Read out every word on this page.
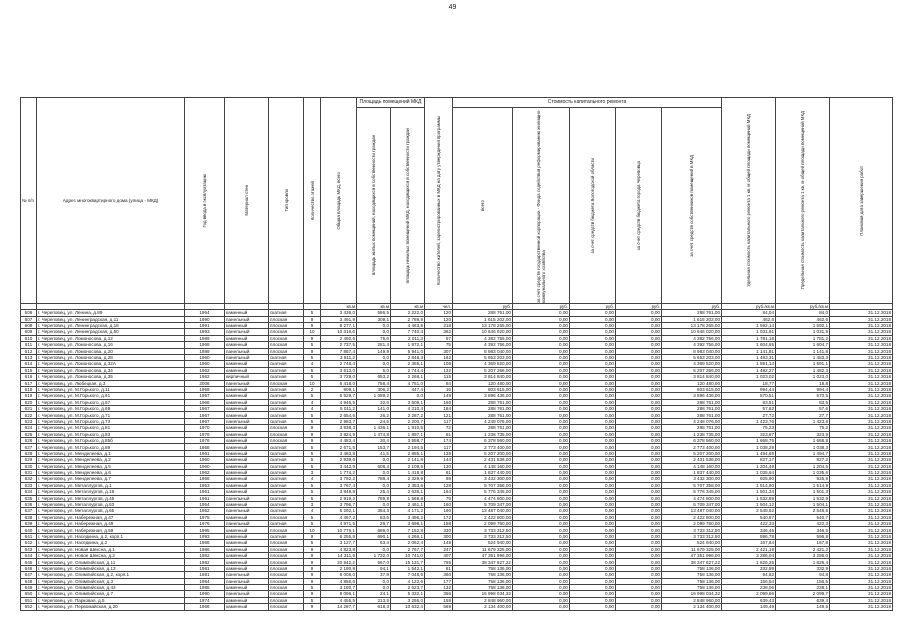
49
№ п/п	Адрес многоквартирного дома (улица - МКД)	Год ввода в эксплуатацию	Материал стен	Тип кровли	Количество этажей	Общая площадь МКД, всего	Площадь помещений МКД		Количество жителей, зарегистрированных в МКД на дату утверждения программы	Стоимость капитального ремонта					Удельная стоимость капитального ремонта 1 кв. м общей площади помещений МКД	Предельная стоимость капитального ремонта 1 кв. м общей площади помещений МКД	Плановая дата завершения работ

							площадь жилых помещений, находящихся в собственности граждан	площадь нежилых помещений МКД, находящихся в собственности граждан		всего	за счет средств государственной корпорации - Фонда содействия реформированию жилищно-коммунального хозяйства	за счет средств бюджета Вологодской области	за счет средств бюджета города Череповца	за счет средств собственников помещений в МКД			

						кв.м	кв.м	кв.м	чел.	руб.	руб.	руб.	руб.	руб.	руб./кв.м	руб./кв.м	
606	г. Череповец, ул. Ленина, д.89	1964	каменный	скатная	5	3 436,0	586,5	2 222,0	120	288 761,00	0,00	0,00	0,00	288 761,00	84,04	84,0	31.12.2018
607	г. Череповец, ул. Ленинградская, д.11	1990	панельный	плоская	9	3 491,9	309,1	2 789,9	120	1 615 202,00	0,00	0,00	0,00	1 615 202,00	462,6	462,6	31.12.2018
608	г. Череповец, ул. Ленинградская, д.18	1991	каменный	плоская	9	8 277,1	0,0	4 463,8	218	13 178 265,00	0,00	0,00	0,00	13 178 265,00	1 592,14	1 592,1	31.12.2018
609	г. Череповец, ул. Ленинградская, д.50	1993	панельный	плоская	10	10 316,6	0,0	7 740,4	362	10 646 020,00	0,00	0,00	0,00	10 646 020,00	1 031,91	1 031,9	31.12.2018
610	г. Череповец, ул. Ломоносова, д.12	1989	каменный	плоская	9	2 460,6	75,6	2 011,3	57	4 382 756,00	0,00	0,00	0,00	4 382 756,00	1 781,18	1 781,2	31.12.2018
611	г. Череповец, ул. Ломоносова, д.16	1968	каменный	плоская	5	2 737,5	281,4	1 872,1	75	4 392 756,00	0,00	0,00	0,00	4 392 756,00	1 604,65	1 604,7	31.12.2018
612	г. Череповец, ул. Ломоносова, д.20	1989	панельный	плоская	9	7 867,4	149,9	5 941,0	307	8 983 040,00	0,00	0,00	0,00	8 983 040,00	1 141,81	1 141,8	31.12.2018
613	г. Череповец, ул. Ломоносова, д.28	1960	панельный	скатная	5	3 811,2	0,0	2 848,3	162	5 653 203,00	0,00	0,00	0,00	5 653 203,00	1 483,31	1 483,3	31.12.2018
614	г. Череповец, ул. Ломоносова, д.32А	1960	каменный	скатная	4	2 746,4	0,0	2 355,1	109	4 369 520,00	0,00	0,00	0,00	4 369 520,00	1 591,14	1 591,1	31.12.2018
615	г. Череповец, ул. Ломоносова, д.34	1962	каменный	скатная	5	3 513,0	5,0	2 744,4	132	5 207 266,00	0,00	0,00	0,00	5 207 266,00	1 482,27	1 482,3	31.12.2018
616	г. Череповец, ул. Ломоносова, д.35	1962	кирпичный	скатная	5	3 729,0	653,2	2 268,1	115	3 814 840,00	0,00	0,00	0,00	3 814 840,00	1 023,02	1 023,0	31.12.2018
617	г. Череповец, ул. Любецкая, д.3	2006	панельный	плоская	10	6 418,0	758,4	4 751,0	84	120 480,00	0,00	0,00	0,00	120 480,00	18,77	18,8	31.12.2018
618	г. Череповец, ул. М.Горького, д.11	1959	каменный	скатная	2	808,1	306,2	447,4	16	803 615,00	0,00	0,00	0,00	803 615,00	994,44	994,4	31.12.2018
619	г. Череповец, ул. М.Горького, д.61	1957	каменный	скатная	5	6 529,7	1 089,2	0,0	149	3 896 436,00	0,00	0,00	0,00	3 896 436,00	570,51	570,5	31.12.2018
620	г. Череповец, ул. М.Горького, д.67	1966	каменный	скатная	4	4 946,5	32,6	3 509,1	166	288 761,00	0,00	0,00	0,00	288 761,00	83,51	83,5	31.12.2018
621	г. Череповец, ул. М.Горького, д.69	1967	каменный	скатная	4	5 011,2	141,0	4 210,4	184	288 761,00	0,00	0,00	0,00	288 761,00	57,62	57,6	31.12.2018
622	г. Череповец, ул. М.Горького, д.71	1967	каменный	скатная	5	2 654,6	26,2	2 287,2	121	288 761,00	0,00	0,00	0,00	288 761,00	27,72	27,7	31.12.2018
623	г. Череповец, ул. М.Горького, д.73	1967	панельный	скатная	5	2 983,7	24,5	2 200,7	117	4 248 076,00	0,00	0,00	0,00	4 248 076,00	1 423,76	1 423,8	31.12.2018
624	г. Череповец, ул. М.Горького, д.81	1970	каменный	плоская	9	3 838,3	1 436,1	1 910,5	72	288 761,00	0,00	0,00	0,00	288 761,00	75,23	75,2	31.12.2018
625	г. Череповец, ул. М.Горького, д.83	1976	каменный	плоская	9	3 824,9	1 474,8	1 897,1	61	1 238 735,00	0,00	0,00	0,00	1 238 735,00	323,87	323,9	31.12.2018
626	г. Череповец, ул. М.Горького, д.85б	1976	каменный	плоская	9	4 483,4	30,4	3 558,7	174	6 378 560,00	0,00	0,00	0,00	6 378 560,00	1 668,75	1 668,8	31.12.2018
627	г. Череповец, ул. М.Горького, д.89	1958	каменный	скатная	5	2 671,5	153,7	2 194,5	117	2 773 400,00	0,00	0,00	0,00	2 773 400,00	1 038,29	1 038,3	31.12.2018
628	г. Череповец, ул. Менделеева, д.1	1961	каменный	скатная	5	3 483,8	41,5	2 885,1	139	5 207 200,00	0,00	0,00	0,00	5 207 200,00	1 494,69	1 494,7	31.12.2018
629	г. Череповец, ул. Менделеева, д.2	1960	каменный	скатная	5	2 939,6	0,0	2 141,8	144	2 431 536,00	0,00	0,00	0,00	2 431 536,00	827,17	827,2	31.12.2018
630	г. Череповец, ул. Менделеева, д.5	1960	каменный	скатная	5	3 443,9	608,4	2 109,5	130	4 148 160,00	0,00	0,00	0,00	4 148 160,00	1 204,49	1 204,5	31.12.2018
631	г. Череповец, ул. Менделеева, д.6	1962	каменный	скатная	3	1 774,2	0,0	1 418,8	61	1 837 440,00	0,00	0,00	0,00	1 837 440,00	1 035,64	1 035,6	31.12.2018
632	г. Череповец, ул. Менделеева, д.7	1966	каменный	скатная	4	3 792,2	788,4	2 329,9	69	3 432 300,00	0,00	0,00	0,00	3 432 300,00	925,90	925,9	31.12.2018
633	г. Череповец, ул. Металлургов, д.1	1953	каменный	скатная	5	3 767,4	0,0	2 353,8	128	5 707 358,00	0,00	0,00	0,00	5 707 358,00	1 514,90	1 514,9	31.12.2018
634	г. Череповец, ул. Металлургов, д.19	1961	каменный	скатная	5	3 849,8	25,4	2 636,1	164	5 776 345,00	0,00	0,00	0,00	5 776 345,00	1 501,34	1 501,3	31.12.2018
635	г. Череповец, ул. Металлургов, д.45	1961	панельный	скатная	5	2 919,2	789,8	1 569,8	79	4 474 800,00	0,00	0,00	0,00	4 474 800,00	1 532,89	1 532,9	31.12.2018
636	г. Череповец, ул. Металлургов, д.63	1954	каменный	скатная	3	3 796,7	0,0	2 461,1	160	5 709 347,00	0,00	0,00	0,00	5 709 347,00	1 504,12	1 504,1	31.12.2018
637	г. Череповец, ул. Металлургов, д.65	1952	панельный	скатная	4	5 292,1	354,3	4 171,2	190	13 487 040,00	0,00	0,00	0,00	13 487 040,00	2 548,52	2 548,5	31.12.2018
638	г. Череповец, ул. Набережная, д.47	1975	каменный	плоская	5	4 467,2	83,5	3 496,2	172	2 422 800,00	0,00	0,00	0,00	2 422 800,00	540,67	540,7	31.12.2018
639	г. Череповец, ул. Набережная, д.49	1976	панельный	скатная	5	4 971,5	29,7	3 698,1	158	2 099 760,00	0,00	0,00	0,00	2 099 760,00	422,33	422,3	31.12.2018
640	г. Череповец, ул. Набережная, д.59	1995	каменный	плоская	10	10 776,1	689,0	7 152,8	330	3 733 312,50	0,00	0,00	0,00	3 733 312,50	346,45	346,5	31.12.2018
641	г. Череповец, ул. Наседкина, д.2, корп.1	1993	каменный	скатная	9	6 255,8	690,1	4 266,1	300	3 733 312,50	0,00	0,00	0,00	3 733 312,50	596,78	596,8	31.12.2018
642	г. Череповец, ул. Наседкина, д.2	1986	каменный	плоская	5	3 127,7	63,4	2 062,4	148	524 940,00	0,00	0,00	0,00	524 940,00	167,84	167,8	31.12.2018
643	г. Череповец, ул. Новая Шексна, д.1	1986	каменный	плоская	9	4 823,8	0,0	2 767,7	247	11 679 325,00	0,00	0,00	0,00	11 679 325,00	2 421,19	2 421,2	31.12.2018
644	г. Череповец, ул. Новое Шексна, д.2	1982	каменный	плоская	9	14 311,6	1 732,0	10 741,0	407	47 351 996,00	0,00	0,00	0,00	47 351 996,00	3 286,04	3 286,0	31.12.2018
645	г. Череповец, ул. Олимпийская, д.11	1982	каменный	плоская	9	20 942,2	567,0	15 131,7	765	38 347 627,22	0,00	0,00	0,00	38 347 627,22	1 826,35	1 826,4	31.12.2018
646	г. Череповец, ул. Олимпийская, д.13	1981	каменный	плоская	9	2 190,8	94,1	1 542,1	81	758 136,00	0,00	0,00	0,00	758 136,00	332,89	332,9	31.12.2018
647	г. Череповец, ул. Олимпийская, д.2, корп.1	1981	панельный	плоская	9	8 006,0	37,9	7 048,6	360	758 136,00	0,00	0,00	0,00	758 136,00	94,82	94,8	31.12.2018
648	г. Череповец, ул. Олимпийская, д.3	1984	панельный	плоская	9	4 856,6	0,0	4 122,6	177	758 136,00	0,00	0,00	0,00	758 136,00	156,54	156,5	31.12.2018
649	г. Череповец, ул. Олимпийская, д.43	1985	каменный	плоская	5	3 180,7	0,0	2 623,7	132	758 136,00	0,00	0,00	0,00	758 136,00	238,06	238,1	31.12.2018
650	г. Череповец, ул. Олимпийская, д.7	1990	панельный	плоская	9	8 096,1	24,1	5 332,1	356	16 998 034,32	0,00	0,00	0,00	16 998 034,32	2 099,66	2 099,7	31.12.2018
651	г. Череповец, ул. Парковая, д.5	1974	каменный	плоская	5	4 455,5	213,5	3 256,0	158	2 848 960,00	0,00	0,00	0,00	2 848 960,00	639,43	639,4	31.12.2018
652	г. Череповец, ул. Первомайская, д.20	1966	каменный	плоская	9	14 287,7	618,3	10 632,4	569	2 134 400,00	0,00	0,00	0,00	2 134 400,00	149,49	149,5	31.12.2018
